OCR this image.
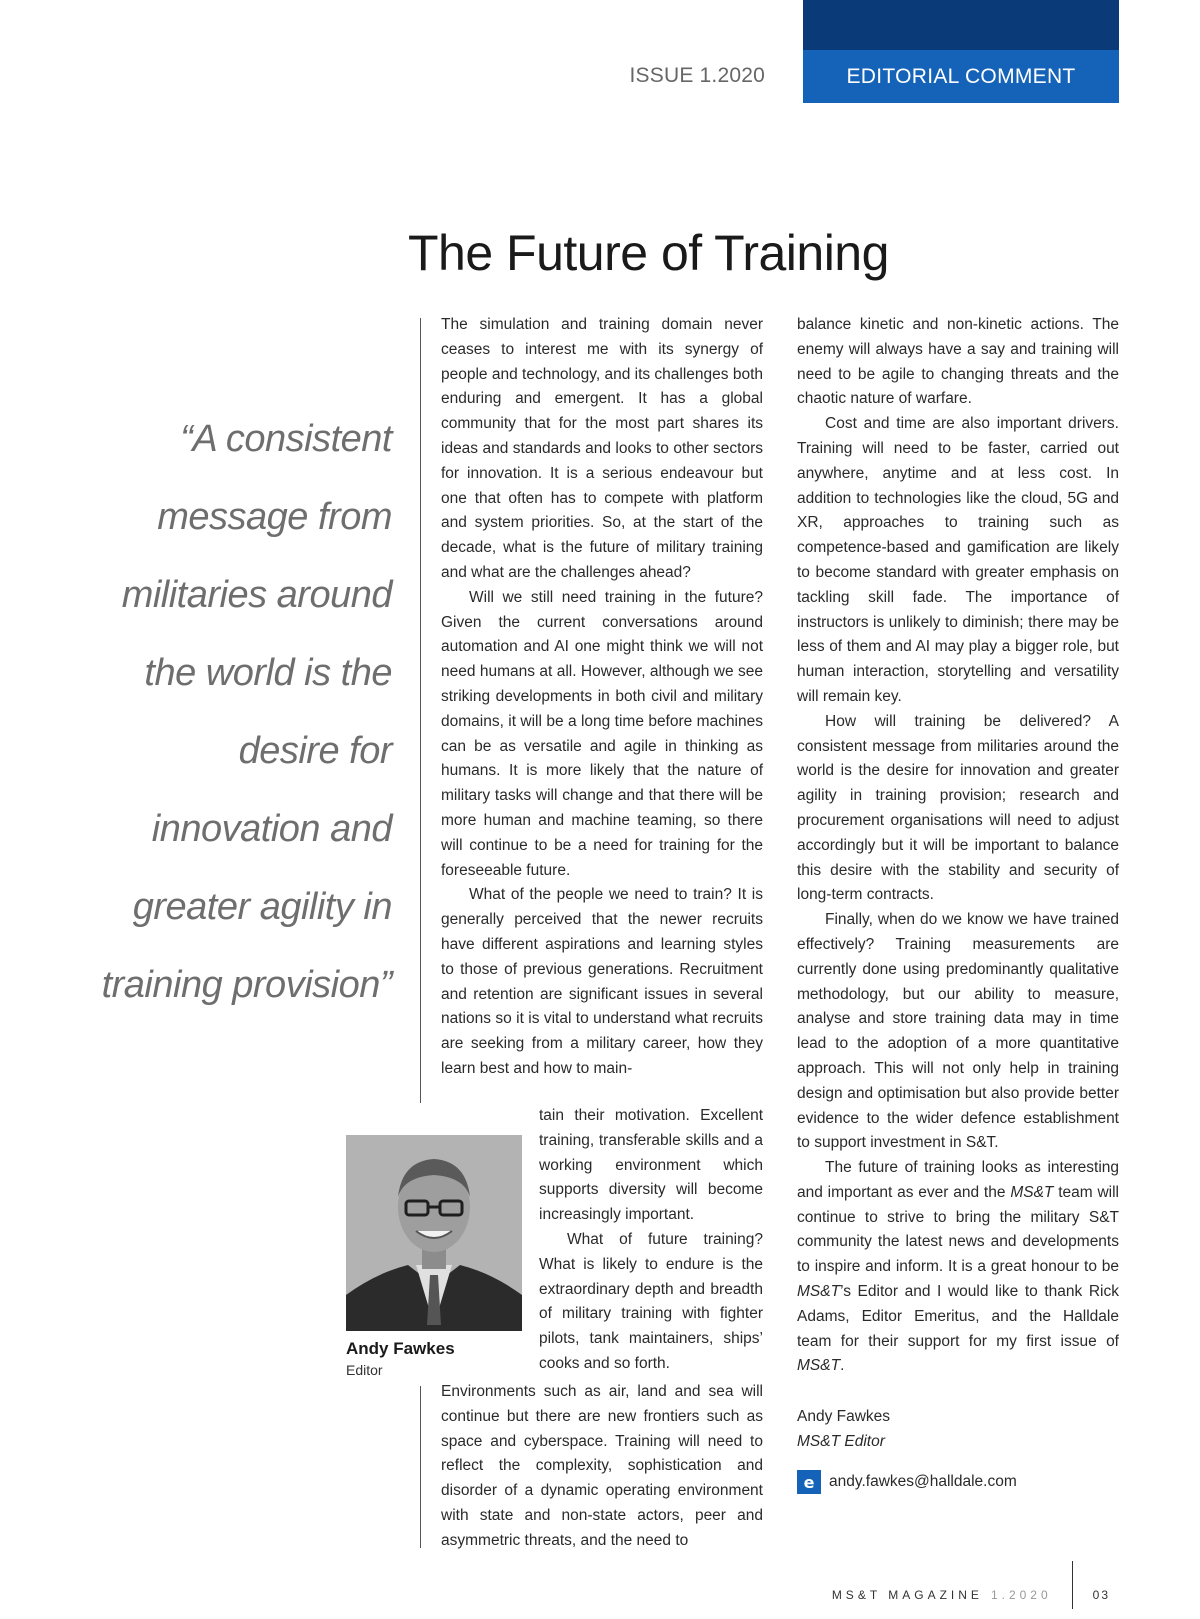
EDITORIAL COMMENT
ISSUE 1.2020
The Future of Training

“A consistent message from militaries around the world is the desire for innovation and greater agility in training provision”

The simulation and training domain never ceases to interest me with its synergy of people and technology, and its challenges both enduring and emergent. It has a global community that for the most part shares its ideas and standards and looks to other sectors for innovation. It is a serious endeavour but one that often has to compete with platform and system priorities. So, at the start of the decade, what is the future of military training and what are the challenges ahead?

Will we still need training in the future? Given the current conversations around automation and AI one might think we will not need humans at all. However, although we see striking developments in both civil and military domains, it will be a long time before machines can be as versatile and agile in thinking as humans. It is more likely that the nature of military tasks will change and that there will be more human and machine teaming, so there will continue to be a need for training for the foreseeable future.

What of the people we need to train? It is generally perceived that the newer recruits have different aspirations and learning styles to those of previous generations. Recruitment and retention are significant issues in several nations so it is vital to understand what recruits are seeking from a military career, how they learn best and how to main-

tain their motivation. Excellent training, transferable skills and a working environment which supports diversity will become increasingly important.

What of future training? What is likely to endure is the extraordinary depth and breadth of military training with fighter pilots, tank maintainers, ships’ cooks and so forth.

Environments such as air, land and sea will continue but there are new frontiers such as space and cyberspace. Training will need to reflect the complexity, sophistication and disorder of a dynamic operating environment with state and non-state actors, peer and asymmetric threats, and the need to

balance kinetic and non-kinetic actions. The enemy will always have a say and training will need to be agile to changing threats and the chaotic nature of warfare.

Cost and time are also important drivers. Training will need to be faster, carried out anywhere, anytime and at less cost. In addition to technologies like the cloud, 5G and XR, approaches to training such as competence-based and gamification are likely to become standard with greater emphasis on tackling skill fade. The importance of instructors is unlikely to diminish; there may be less of them and AI may play a bigger role, but human interaction, storytelling and versatility will remain key.

How will training be delivered? A consistent message from militaries around the world is the desire for innovation and greater agility in training provision; research and procurement organisations will need to adjust accordingly but it will be important to balance this desire with the stability and security of long-term contracts.

Finally, when do we know we have trained effectively? Training measurements are currently done using predominantly qualitative methodology, but our ability to measure, analyse and store training data may in time lead to the adoption of a more quantitative approach. This will not only help in training design and optimisation but also provide better evidence to the wider defence establishment to support investment in S&T.

The future of training looks as interesting and important as ever and the MS&T team will continue to strive to bring the military S&T community the latest news and developments to inspire and inform. It is a great honour to be MS&T’s Editor and I would like to thank Rick Adams, Editor Emeritus, and the Halldale team for their support for my first issue of MS&T.

Andy Fawkes
Editor
Andy Fawkes
MS&T Editor
e andy.fawkes@halldale.com
MS&T MAGAZINE 1.2020	03
